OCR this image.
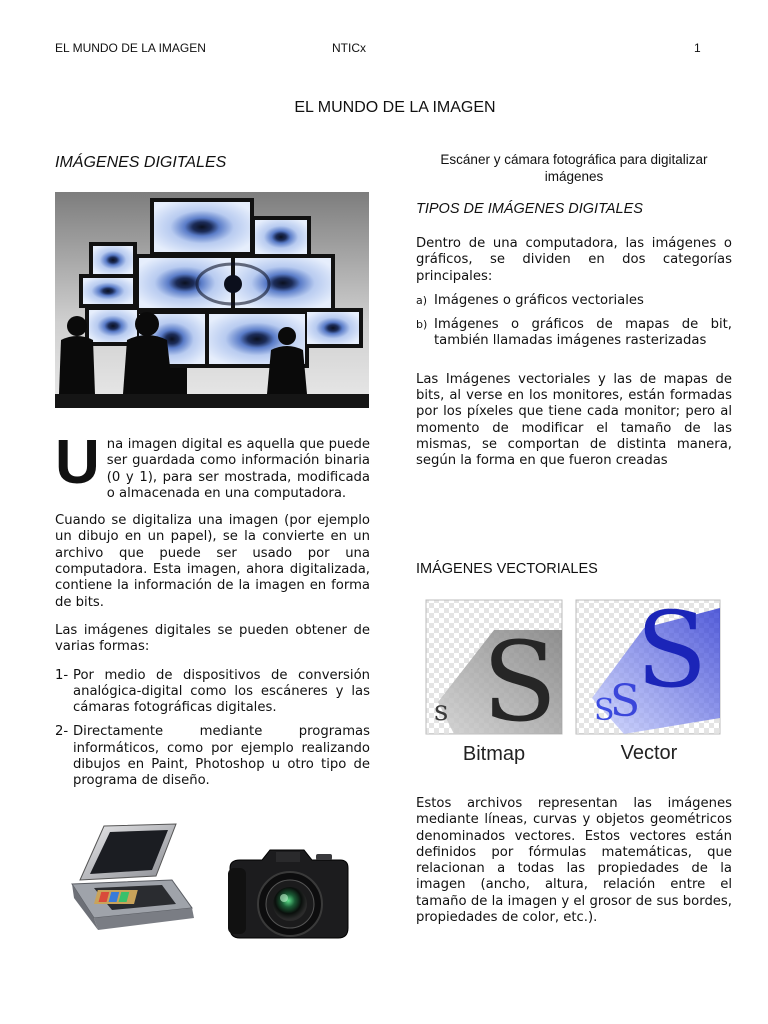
EL MUNDO DE LA IMAGEN	NTICx	1
EL MUNDO DE LA IMAGEN
IMÁGENES DIGITALES

Una imagen digital es aquella que puede ser guardada como información binaria (0 y 1), para ser mostrada, modificada o almacenada en una computadora.

Cuando se digitaliza una imagen (por ejemplo un dibujo en un papel), se la convierte en un archivo que puede ser usado por una computadora. Esta imagen, ahora digitalizada, contiene la información de la imagen en forma de bits.

Las imágenes digitales se pueden obtener de varias formas:

1- Por medio de dispositivos de conversión analógica-digital como los escáneres y las cámaras fotográficas digitales.
2- Directamente mediante programas informáticos, como por ejemplo realizando dibujos en Paint, Photoshop u otro tipo de programa de diseño.
Escáner y cámara fotográfica para digitalizar imágenes
TIPOS DE IMÁGENES DIGITALES

Dentro de una computadora, las imágenes o gráficos, se dividen en dos categorías principales:

a) Imágenes o gráficos vectoriales
b) Imágenes o gráficos de mapas de bit, también llamadas imágenes rasterizadas

Las Imágenes vectoriales y las de mapas de bits, al verse en los monitores, están formadas por los píxeles que tiene cada monitor; pero al momento de modificar el tamaño de las mismas, se comportan de distinta manera, según la forma en que fueron creadas

IMÁGENES VECTORIALES
s S S
S
S
Bitmap	Vector

Estos archivos representan las imágenes mediante líneas, curvas y objetos geométricos denominados vectores. Estos vectores están definidos por fórmulas matemáticas, que relacionan a todas las propiedades de la imagen (ancho, altura, relación entre el tamaño de la imagen y el grosor de sus bordes, propiedades de color, etc.).
